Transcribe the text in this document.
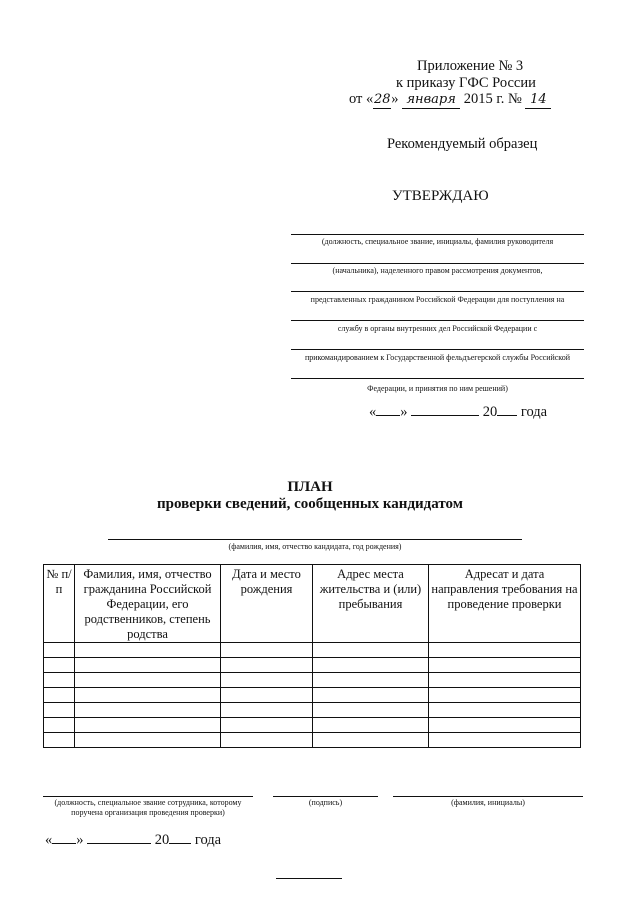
Приложение № 3
к приказу ГФС России
от «28» января 2015 г. № 14
Рекомендуемый образец
УТВЕРЖДАЮ
(должность, специальное звание, инициалы, фамилия руководителя
(начальника), наделенного правом рассмотрения документов,
представленных гражданином Российской Федерации для поступления на
службу в органы внутренних дел Российской Федерации с
прикомандированием к Государственной фельдъегерской службы Российской
Федерации, и принятия по ним решений)
« »	20 года
ПЛАН
проверки сведений, сообщенных кандидатом
(фамилия, имя, отчество кандидата, год рождения)
№ п/п	Фамилия, имя, отчество гражданина Российской Федерации, его родственников, степень родства	Дата и место рождения	Адрес места жительства и (или) пребывания	Адресат и дата направления требования на проведение проверки

(должность, специальное звание сотрудника, которому поручена организация проведения проверки)
(подпись)	(фамилия, инициалы)
« »	20 года
